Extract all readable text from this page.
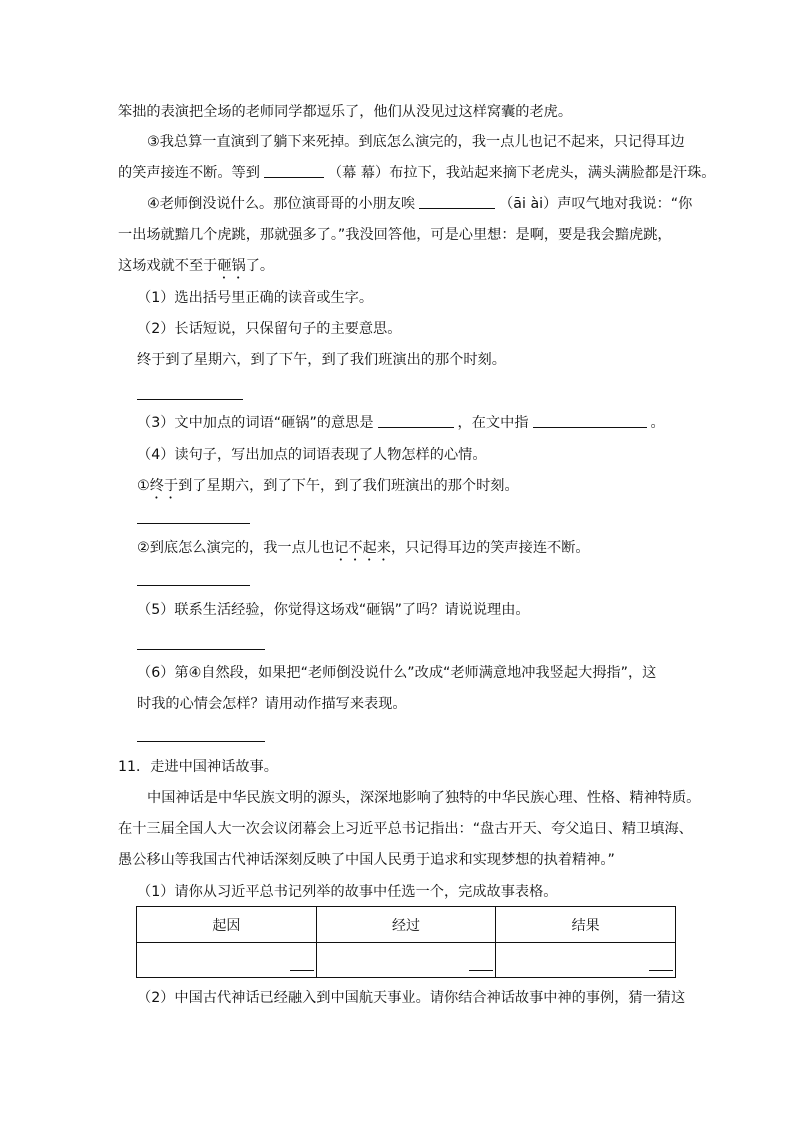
笨拙的表演把全场的老师同学都逗乐了，他们从没见过这样窝囊的老虎。
③我总算一直演到了躺下来死掉。到底怎么演完的，我一点儿也记不起来，只记得耳边
的笑声接连不断。等到	（幕 幕）布拉下，我站起来摘下老虎头，满头满脸都是汗珠。
④老师倒没说什么。那位演哥哥的小朋友唉	（āi ài）声叹气地对我说：“你
一出场就黯几个虎跳，那就强多了。”我没回答他，可是心里想：是啊，要是我会黯虎跳，
这场戏就不至于砸锅了。
（1）选出括号里正确的读音或生字。
（2）长话短说，只保留句子的主要意思。
终于到了星期六，到了下午，到了我们班演出的那个时刻。
（3）文中加点的词语“砸锅”的意思是	，在文中指	。
（4）读句子，写出加点的词语表现了人物怎样的心情。
①终于到了星期六，到了下午，到了我们班演出的那个时刻。
②到底怎么演完的，我一点儿也记不起来，只记得耳边的笑声接连不断。
（5）联系生活经验，你觉得这场戏“砸锅”了吗？请说说理由。
（6）第④自然段，如果把“老师倒没说什么”改成“老师满意地冲我竖起大拇指”，这
时我的心情会怎样？请用动作描写来表现。
11．走进中国神话故事。
中国神话是中华民族文明的源头，深深地影响了独特的中华民族心理、性格、精神特质。
在十三届全国人大一次会议闭幕会上习近平总书记指出：“盘古开天、夸父追日、精卫填海、
愚公移山等我国古代神话深刻反映了中国人民勇于追求和实现梦想的执着精神。”
（1）请你从习近平总书记列举的故事中任选一个，完成故事表格。
起因	经过	结果

（2）中国古代神话已经融入到中国航天事业。请你结合神话故事中神的事例，猜一猜这
